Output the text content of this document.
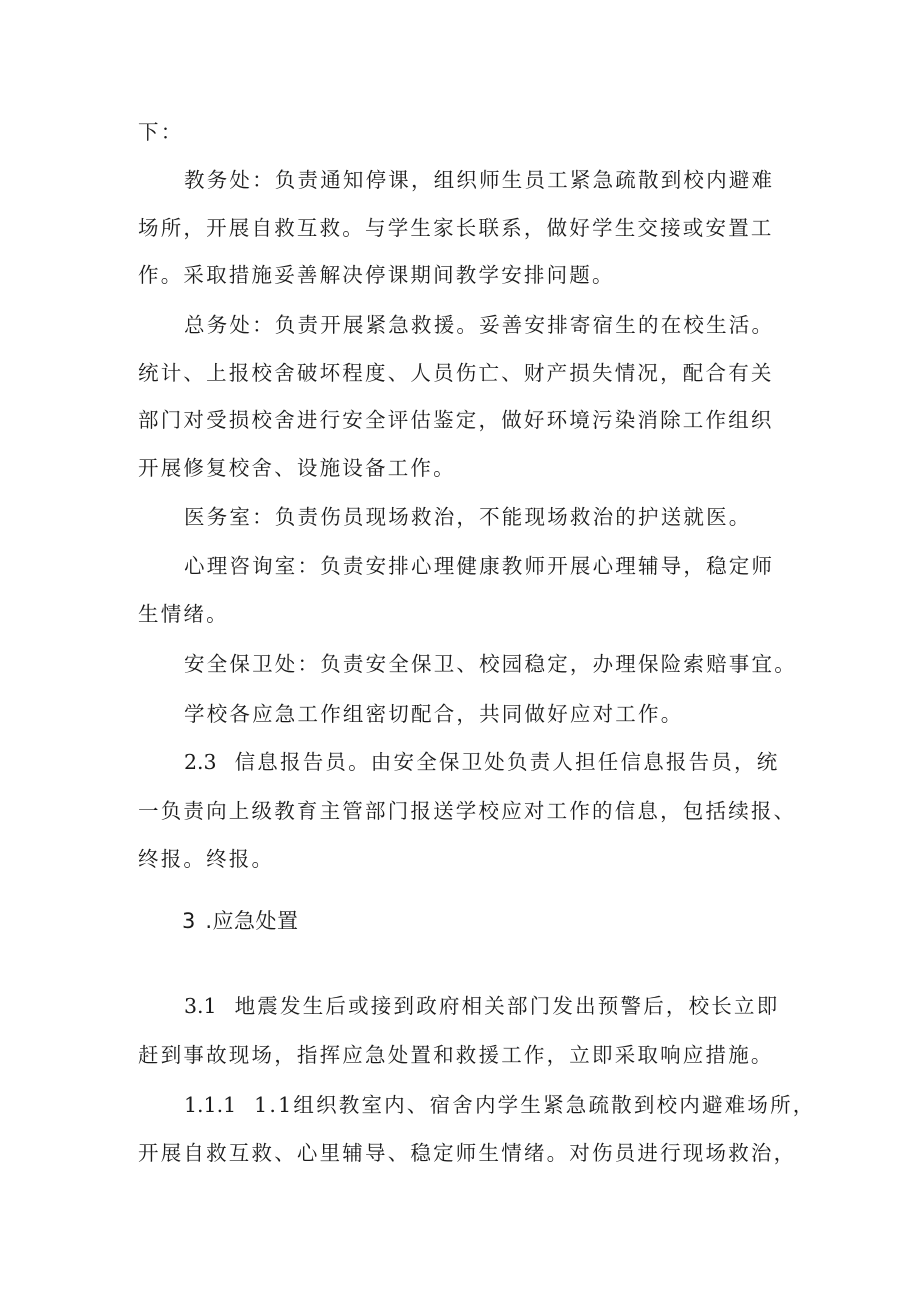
下：
教务处：负责通知停课，组织师生员工紧急疏散到校内避难
场所，开展自救互救。与学生家长联系，做好学生交接或安置工
作。采取措施妥善解决停课期间教学安排问题。
总务处：负责开展紧急救援。妥善安排寄宿生的在校生活。
统计、上报校舍破坏程度、人员伤亡、财产损失情况，配合有关
部门对受损校舍进行安全评估鉴定，做好环境污染消除工作组织
开展修复校舍、设施设备工作。
医务室：负责伤员现场救治，不能现场救治的护送就医。
心理咨询室：负责安排心理健康教师开展心理辅导，稳定师
生情绪。
安全保卫处：负责安全保卫、校园稳定，办理保险索赔事宜。
学校各应急工作组密切配合，共同做好应对工作。
2.3 信息报告员。由安全保卫处负责人担任信息报告员，统
一负责向上级教育主管部门报送学校应对工作的信息，包括续报、
终报。终报。
3 .应急处置
3.1 地震发生后或接到政府相关部门发出预警后，校长立即
赶到事故现场，指挥应急处置和救援工作，立即采取响应措施。
1.1.1 1.1组织教室内、宿舍内学生紧急疏散到校内避难场所，
开展自救互救、心里辅导、稳定师生情绪。对伤员进行现场救治，
